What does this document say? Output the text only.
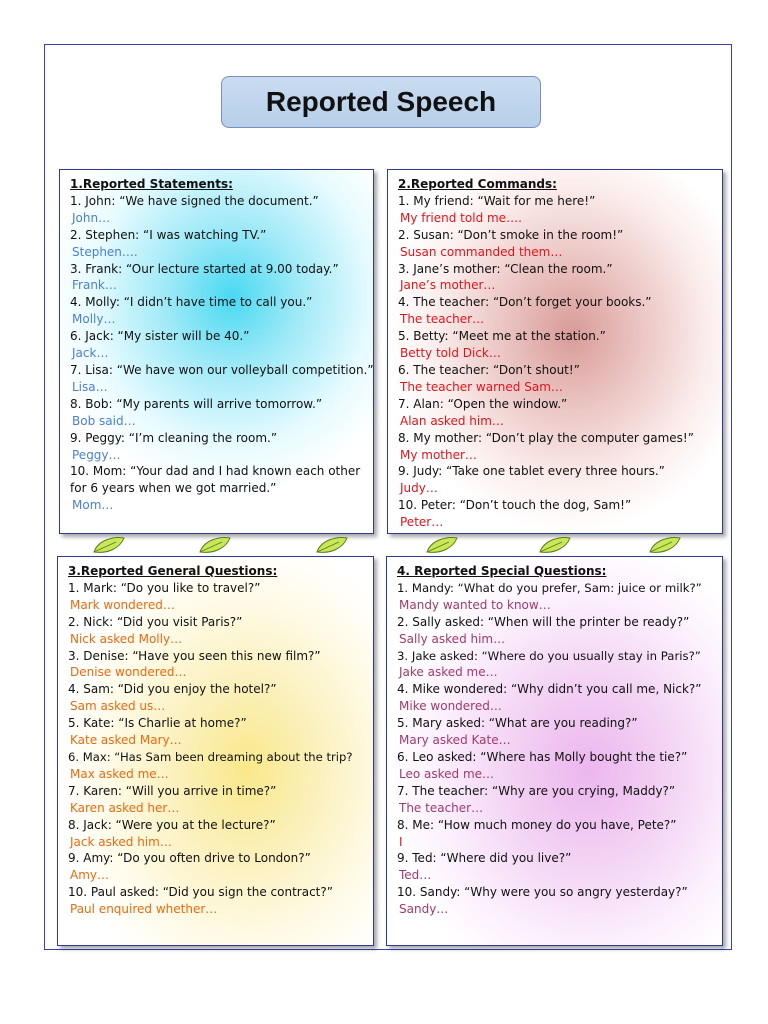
Reported Speech
1.Reported Statements:
1. John: “We have signed the document.”
John…
2. Stephen: “I was watching TV.”
Stephen….
3. Frank: “Our lecture started at 9.00 today.”
Frank…
4. Molly: “I didn’t have time to call you.”
Molly…
6. Jack: “My sister will be 40.”
Jack…
7. Lisa: “We have won our volleyball competition.”
Lisa…
8. Bob: “My parents will arrive tomorrow.”
Bob said…
9. Peggy: “I’m cleaning the room.”
Peggy…
10. Mom: “Your dad and I had known each other for 6 years when we got married.”
Mom…
2.Reported Commands:
1. My friend: “Wait for me here!”
My friend told me….
2. Susan: “Don’t smoke in the room!”
Susan commanded them…
3. Jane’s mother: “Clean the room.”
Jane’s mother…
4. The teacher: “Don’t forget your books.”
The teacher…
5. Betty: “Meet me at the station.”
Betty told Dick…
6. The teacher: “Don’t shout!”
The teacher warned Sam…
7. Alan: “Open the window.”
Alan asked him…
8. My mother: “Don’t play the computer games!”
My mother…
9. Judy: “Take one tablet every three hours.”
Judy…
10. Peter: “Don’t touch the dog, Sam!”
Peter…
3.Reported General Questions:
1. Mark: “Do you like to travel?”
Mark wondered…
2. Nick: “Did you visit Paris?”
Nick asked Molly…
3. Denise: “Have you seen this new film?”
Denise wondered…
4. Sam: “Did you enjoy the hotel?”
Sam asked us…
5. Kate: “Is Charlie at home?”
Kate asked Mary…
6. Max: “Has Sam been dreaming about the trip?
Max asked me…
7. Karen: “Will you arrive in time?”
Karen asked her…
8. Jack: “Were you at the lecture?”
Jack asked him…
9. Amy: “Do you often drive to London?”
Amy…
10. Paul asked: “Did you sign the contract?”
Paul enquired whether…
4. Reported Special Questions:
1. Mandy: “What do you prefer, Sam: juice or milk?”
Mandy wanted to know…
2. Sally asked: “When will the printer be ready?”
Sally asked him…
3. Jake asked: “Where do you usually stay in Paris?”
Jake asked me…
4. Mike wondered: “Why didn’t you call me, Nick?”
Mike wondered…
5. Mary asked: “What are you reading?”
Mary asked Kate…
6. Leo asked: “Where has Molly bought the tie?”
Leo asked me…
7. The teacher: “Why are you crying, Maddy?”
The teacher…
8. Me: “How much money do you have, Pete?”
I
9. Ted: “Where did you live?”
Ted…
10. Sandy: “Why were you so angry yesterday?”
Sandy…
